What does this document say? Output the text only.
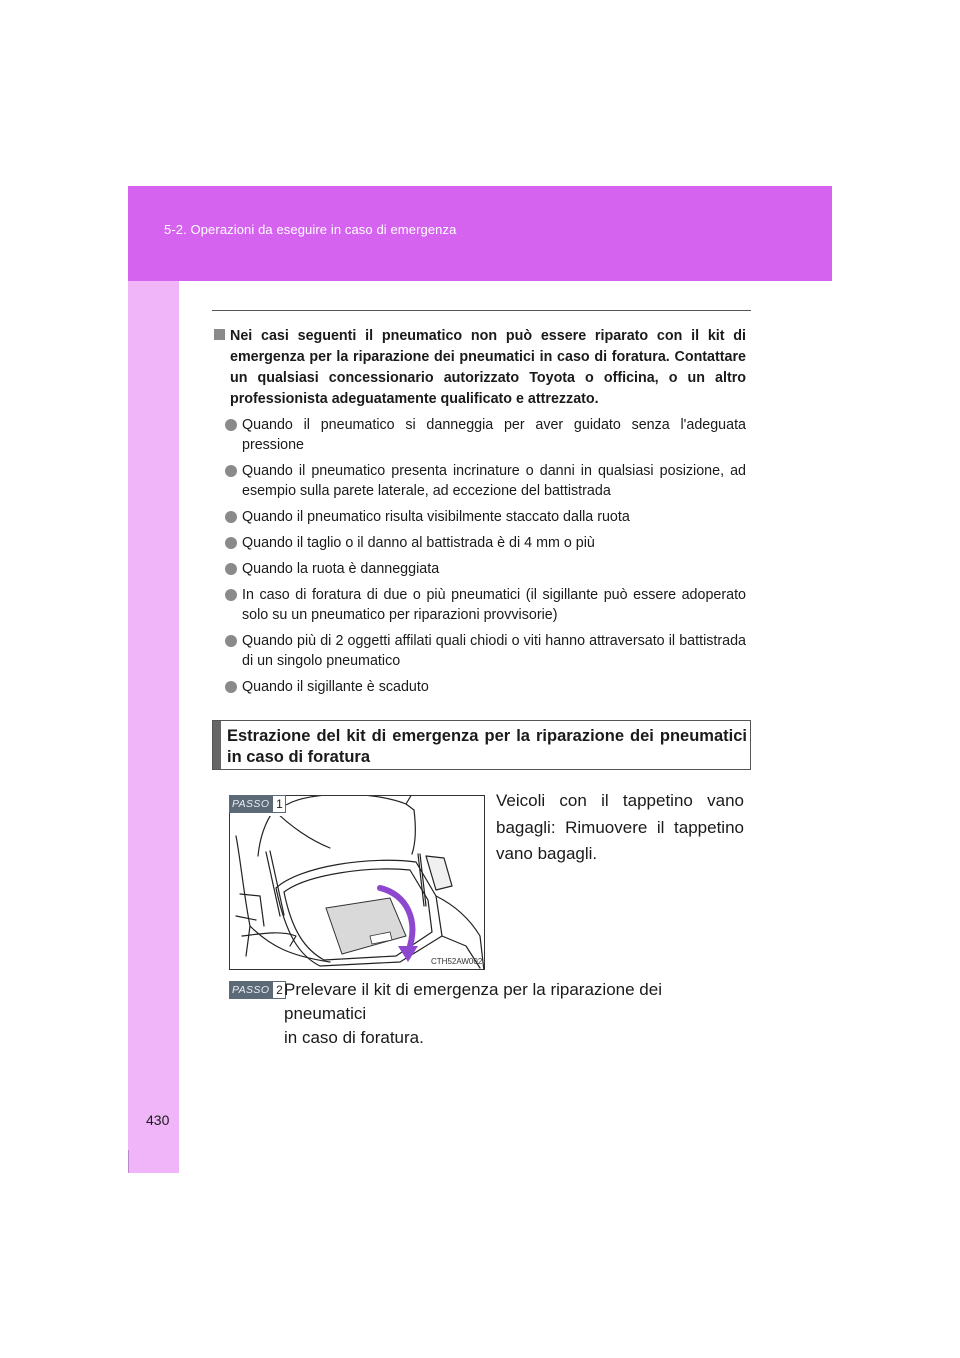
5-2. Operazioni da eseguire in caso di emergenza
430

Nei casi seguenti il pneumatico non può essere riparato con il kit di emergenza per la riparazione dei pneumatici in caso di foratura. Contattare un qualsiasi concessionario autorizzato Toyota o officina, o un altro professionista adeguatamente qualificato e attrezzato.

Quando il pneumatico si danneggia per aver guidato senza l'adeguata pressione
Quando il pneumatico presenta incrinature o danni in qualsiasi posizione, ad esempio sulla parete laterale, ad eccezione del battistrada
Quando il pneumatico risulta visibilmente staccato dalla ruota
Quando il taglio o il danno al battistrada è di 4 mm o più
Quando la ruota è danneggiata
In caso di foratura di due o più pneumatici (il sigillante può essere adoperato solo su un pneumatico per riparazioni provvisorie)
Quando più di 2 oggetti affilati quali chiodi o viti hanno attraversato il battistrada di un singolo pneumatico
Quando il sigillante è scaduto
Estrazione del kit di emergenza per la riparazione dei pneumatici in caso di foratura
PASSO 1
CTH52AW002

Veicoli con il tappetino vano bagagli: Rimuovere il tappetino vano bagagli.

PASSO 2 Prelevare il kit di emergenza per la riparazione dei pneumatici
in caso di foratura.
